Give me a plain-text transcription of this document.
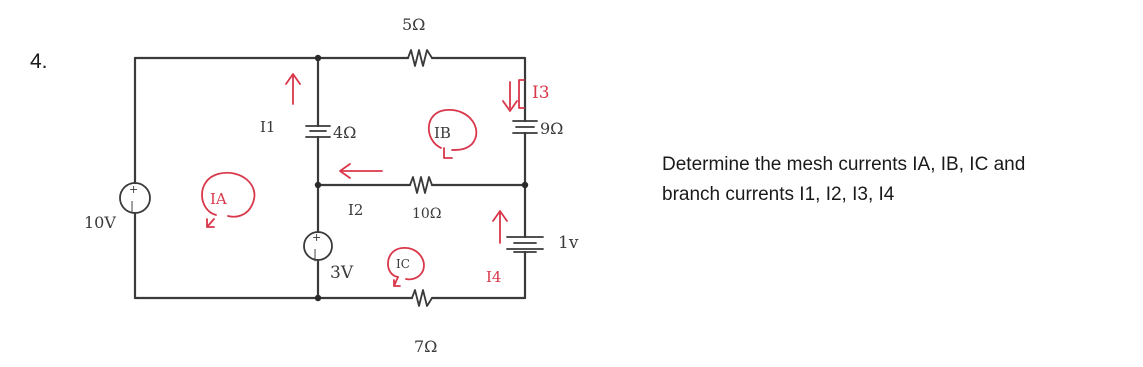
4.
Determine the mesh currents IA, IB, IC and
branch currents I1, I2, I3, I4
5Ω
10Ω
7Ω
4Ω	9Ω
1v
+
|
10V
+
|
3V
I1
I2
I3
I4
IA
IB
IC
